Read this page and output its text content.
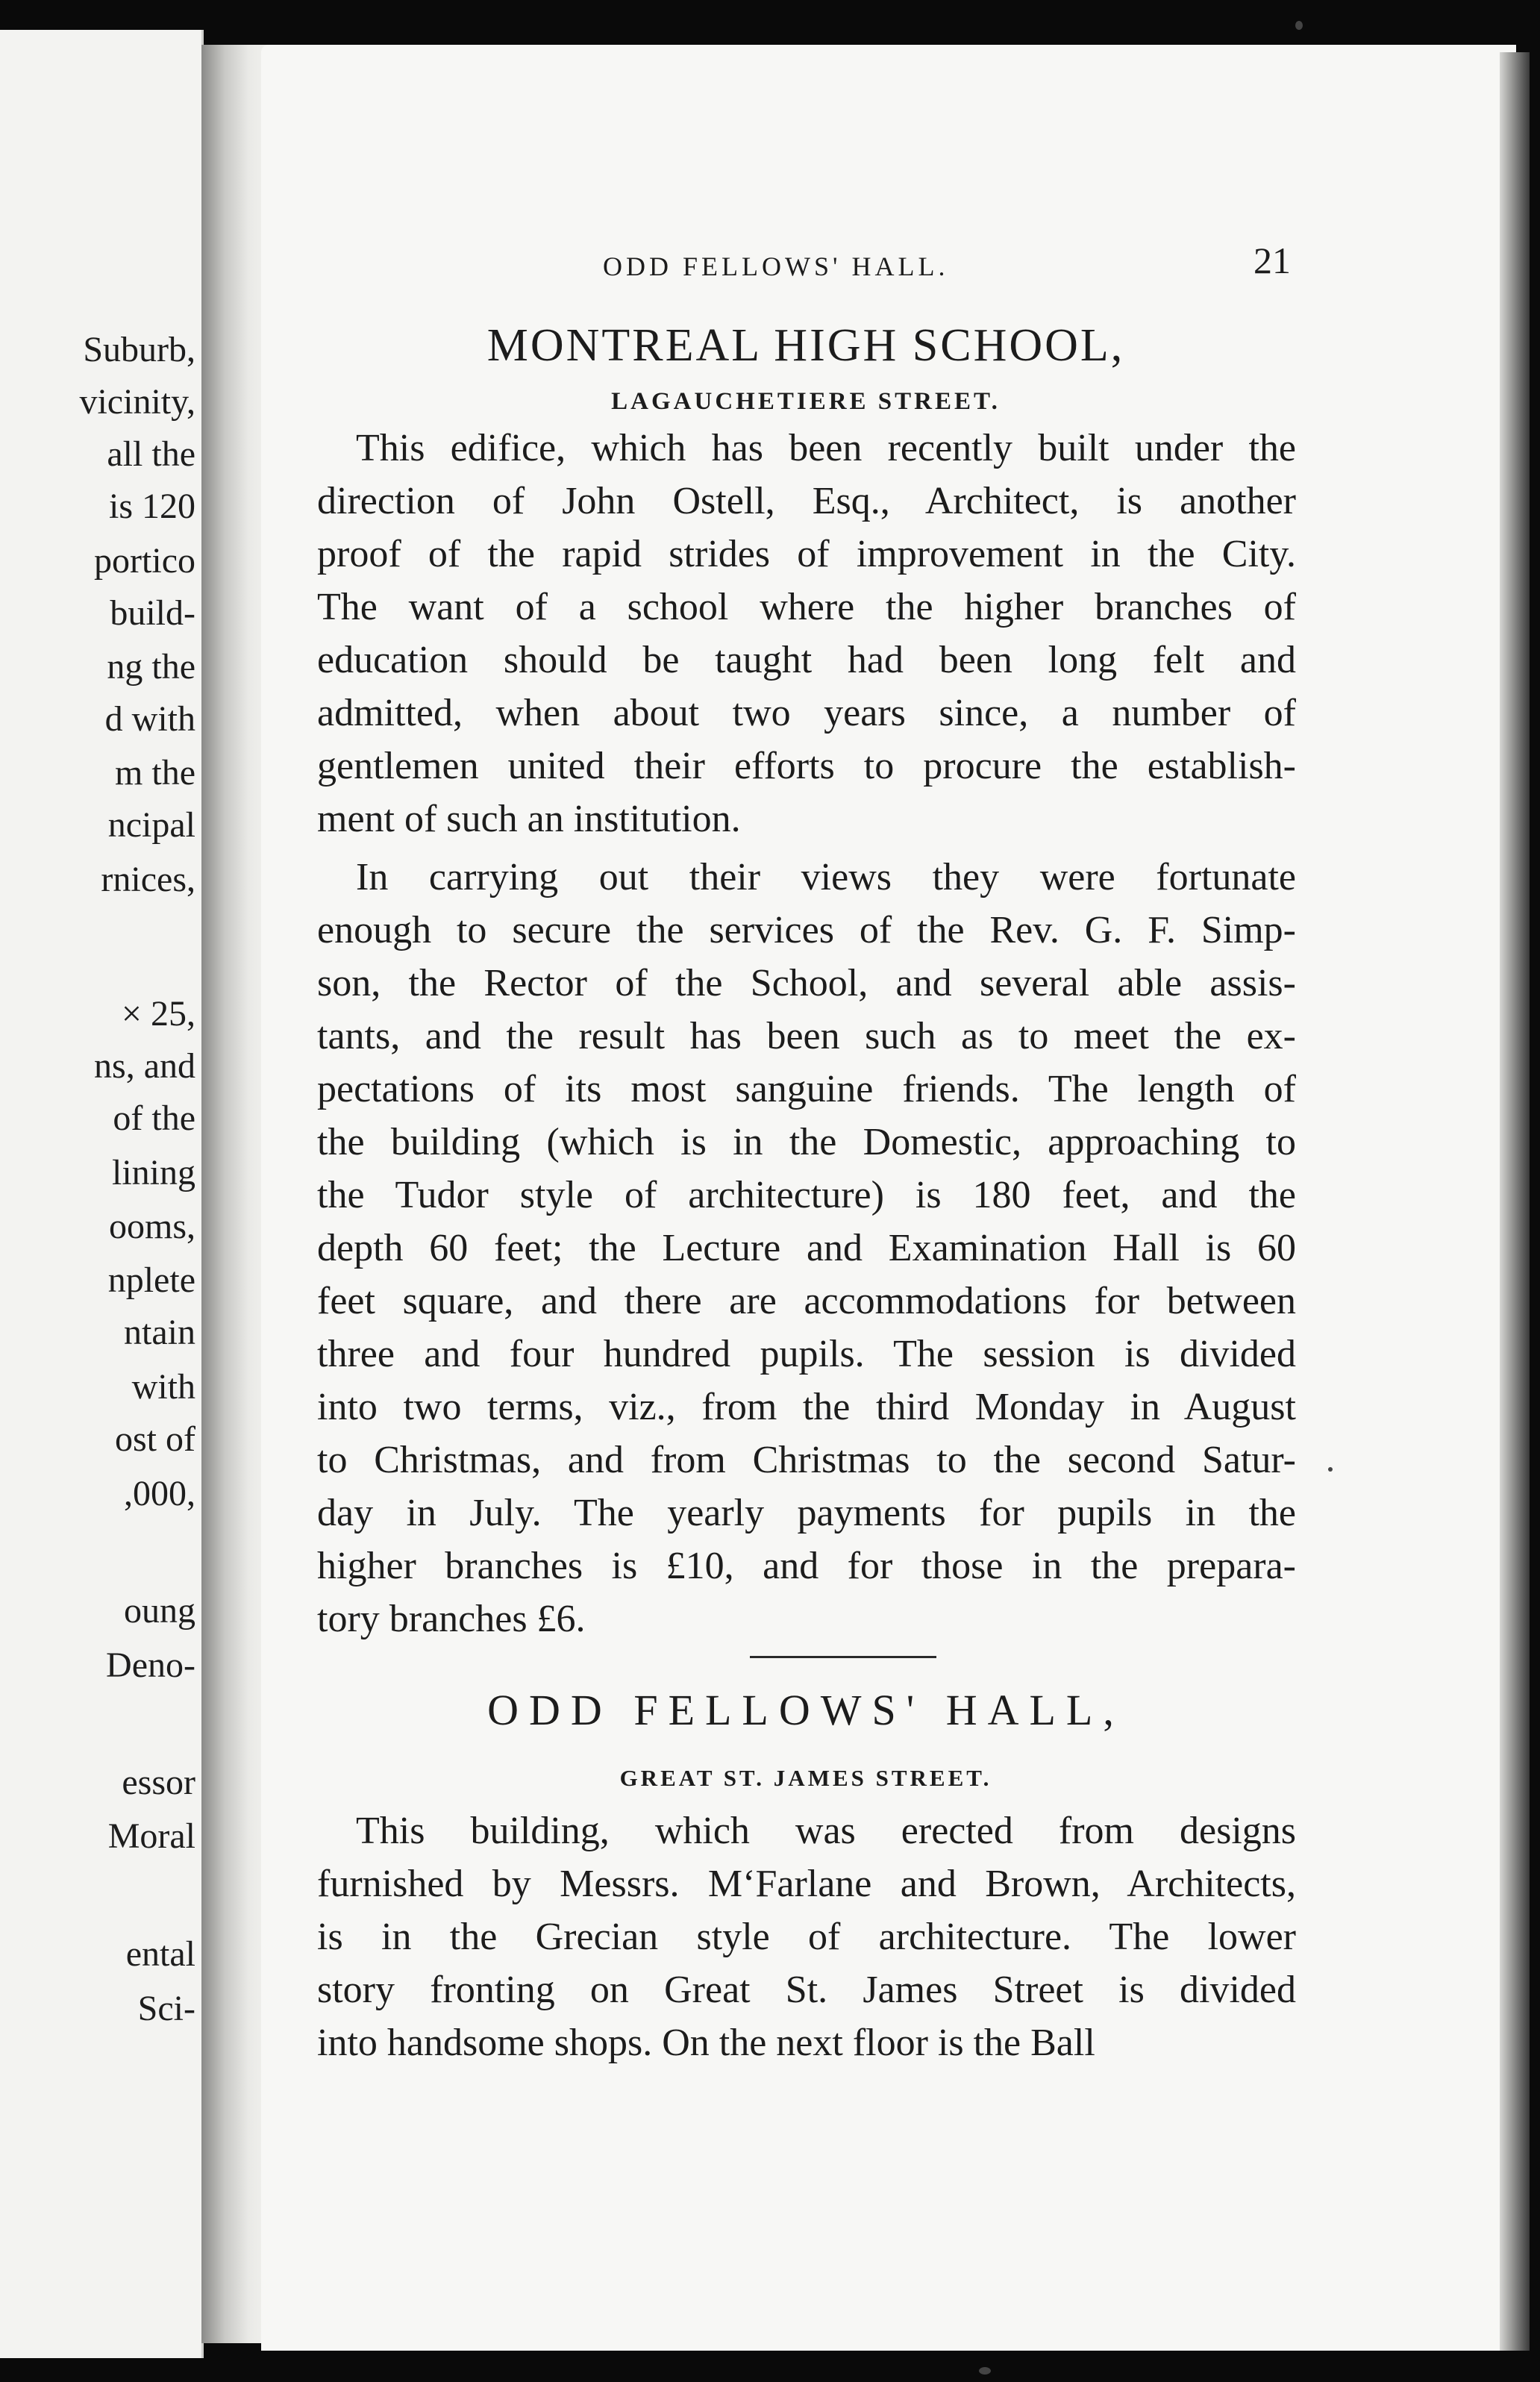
Suburb,
vicinity,
all the
is 120
portico
build-
ng the
d with
m the
ncipal
rnices,
× 25,
ns, and
of the
lining
ooms,
nplete
ntain
with
ost of
,000,
oung
Deno-
essor
Moral
ental
Sci-
ODD FELLOWS' HALL.	21
MONTREAL HIGH SCHOOL,
LAGAUCHETIERE STREET.
This edifice, which has been recently built under the
direction of John Ostell, Esq., Architect, is another
proof of the rapid strides of improvement in the City.
The want of a school where the higher branches of
education should be taught had been long felt and
admitted, when about two years since, a number of
gentlemen united their efforts to procure the establish-
ment of such an institution.
In carrying out their views they were fortunate
enough to secure the services of the Rev. G. F. Simp-
son, the Rector of the School, and several able assis-
tants, and the result has been such as to meet the ex-
pectations of its most sanguine friends. The length of
the building (which is in the Domestic, approaching to
the Tudor style of architecture) is 180 feet, and the
depth 60 feet; the Lecture and Examination Hall is 60
feet square, and there are accommodations for between
three and four hundred pupils. The session is divided
into two terms, viz., from the third Monday in August
to Christmas, and from Christmas to the second Satur-
day in July. The yearly payments for pupils in the
higher branches is £10, and for those in the prepara-
tory branches £6.
ODD FELLOWS' HALL,
GREAT ST. JAMES STREET.
This building, which was erected from designs
furnished by Messrs. M‘Farlane and Brown, Architects,
is in the Grecian style of architecture. The lower
story fronting on Great St. James Street is divided
into handsome shops. On the next floor is the Ball
